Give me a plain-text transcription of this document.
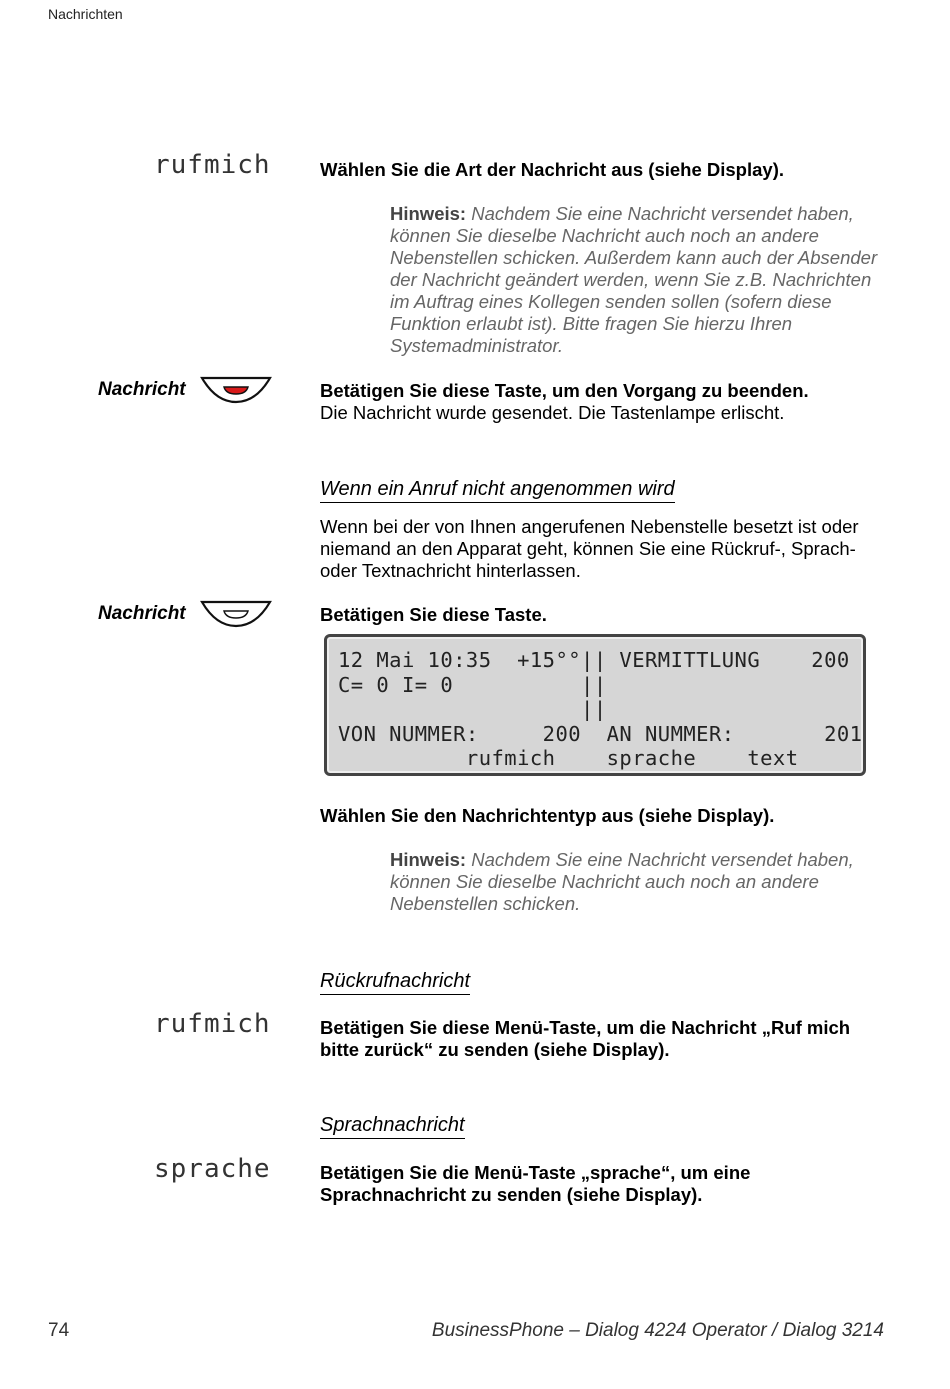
Nachrichten
rufmich	Wählen Sie die Art der Nachricht aus (siehe Display).
Hinweis: Nachdem Sie eine Nachricht versendet haben, können Sie dieselbe Nachricht auch noch an andere Nebenstellen schicken. Außerdem kann auch der Absender der Nachricht geändert werden, wenn Sie z.B. Nachrichten im Auftrag eines Kollegen senden sollen (sofern diese Funktion erlaubt ist). Bitte fragen Sie hierzu Ihren Systemadministrator.
Nachricht	Betätigen Sie diese Taste, um den Vorgang zu beenden.
Die Nachricht wurde gesendet. Die Tastenlampe erlischt.
Wenn ein Anruf nicht angenommen wird
Wenn bei der von Ihnen angerufenen Nebenstelle besetzt ist oder niemand an den Apparat geht, können Sie eine Rückruf-, Sprach- oder Textnachricht hinterlassen.
Nachricht	Betätigen Sie diese Taste.
12 Mai 10:35  +15°°|| VERMITTLUNG    200
C= 0 I= 0          ||
||
VON NUMMER:     200  AN NUMMER:       201
rufmich    sprache    text
Wählen Sie den Nachrichtentyp aus (siehe Display).
Hinweis: Nachdem Sie eine Nachricht versendet haben, können Sie dieselbe Nachricht auch noch an andere Nebenstellen schicken.
Rückrufnachricht
rufmich	Betätigen Sie diese Menü-Taste, um die Nachricht „Ruf mich bitte zurück“ zu senden (siehe Display).
Sprachnachricht
sprache	Betätigen Sie die Menü-Taste „sprache“, um eine Sprachnachricht zu senden (siehe Display).
74	BusinessPhone – Dialog 4224 Operator / Dialog 3214
